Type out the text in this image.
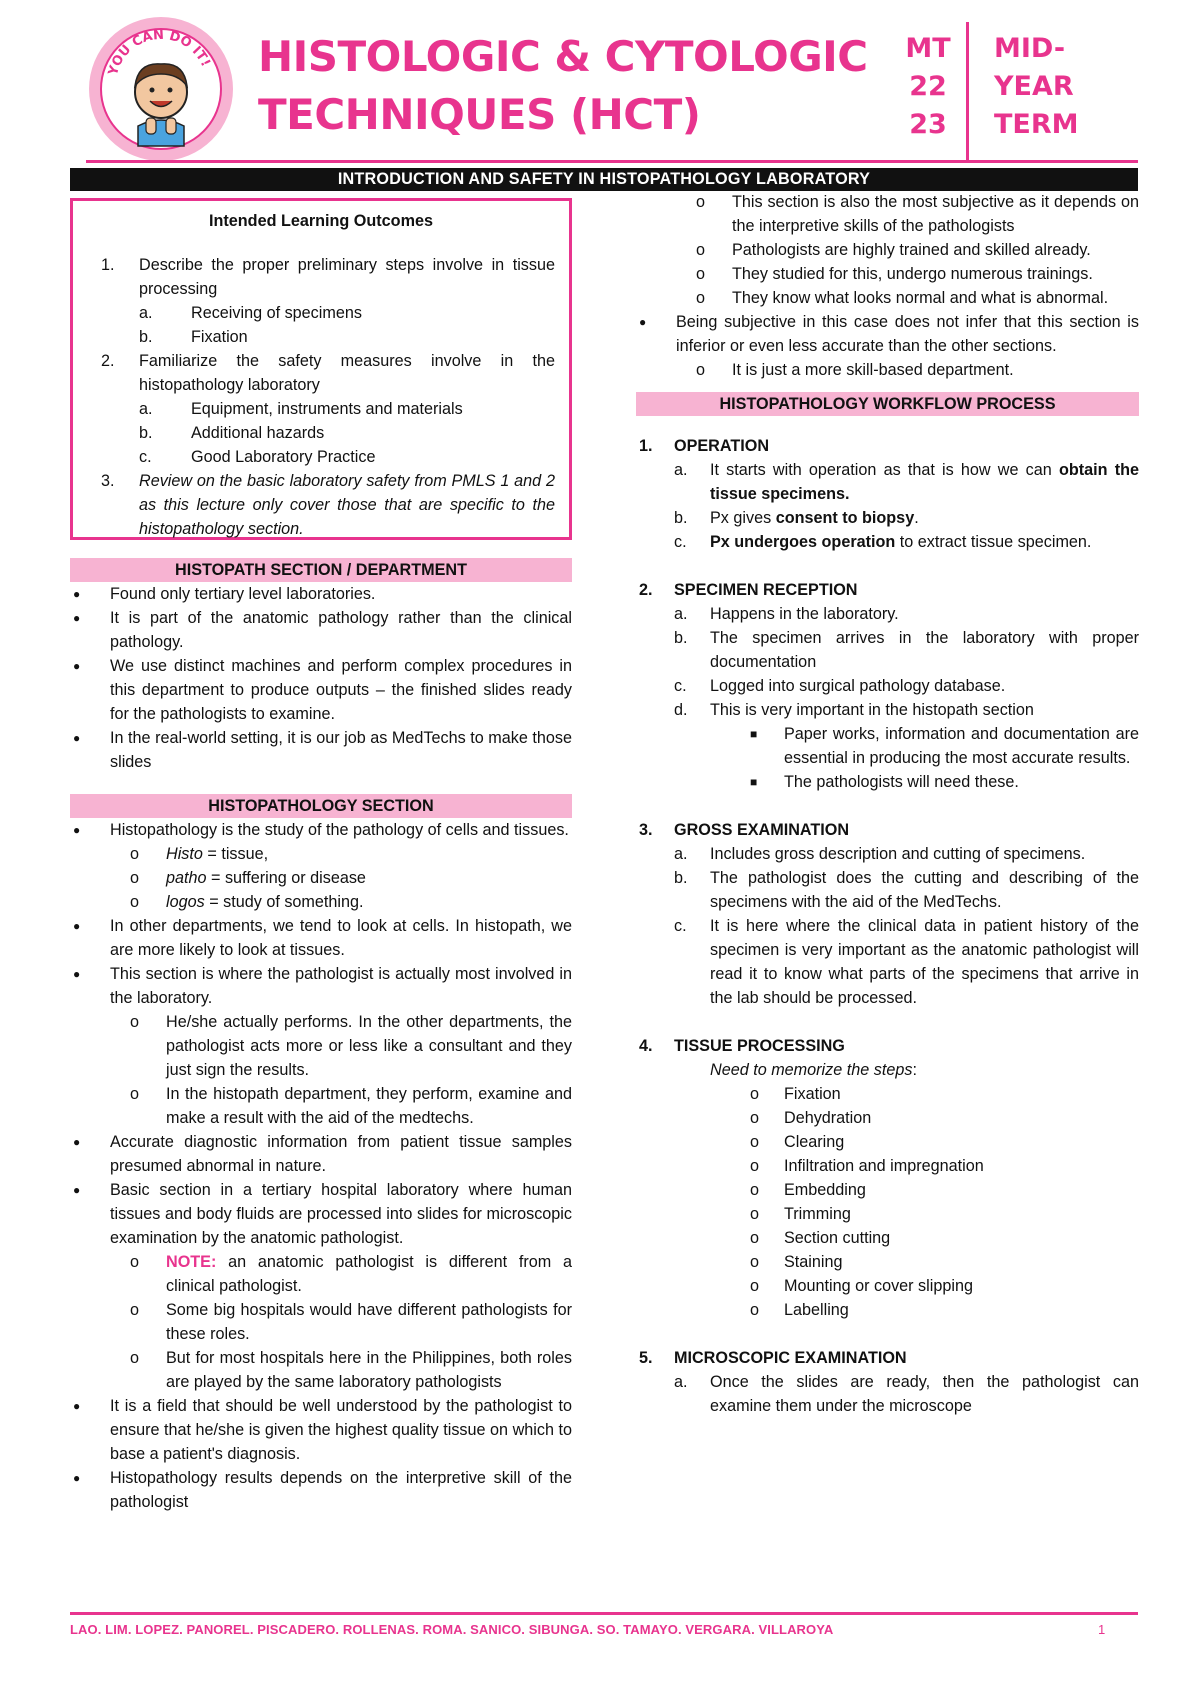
YOU CAN DO IT! HISTOLOGIC & CYTOLOGIC
TECHNIQUES (HCT)
MT
22
23
MID-
YEAR
TERM
INTRODUCTION AND SAFETY IN HISTOPATHOLOGY LABORATORY
Intended Learning Outcomes
1. Describe the proper preliminary steps involve in tissue processing
a. Receiving of specimens
b. Fixation
2. Familiarize the safety measures involve in the histopathology laboratory
a. Equipment, instruments and materials
b. Additional hazards
c. Good Laboratory Practice
3. Review on the basic laboratory safety from PMLS 1 and 2 as this lecture only cover those that are specific to the histopathology section.
HISTOPATH SECTION / DEPARTMENT
● Found only tertiary level laboratories.
● It is part of the anatomic pathology rather than the clinical pathology.
● We use distinct machines and perform complex procedures in this department to produce outputs – the finished slides ready for the pathologists to examine.
● In the real-world setting, it is our job as MedTechs to make those slides
HISTOPATHOLOGY SECTION
● Histopathology is the study of the pathology of cells and tissues.
o Histo = tissue,
o patho = suffering or disease
o logos = study of something.
● In other departments, we tend to look at cells. In histopath, we are more likely to look at tissues.
● This section is where the pathologist is actually most involved in the laboratory.
o He/she actually performs. In the other departments, the pathologist acts more or less like a consultant and they just sign the results.
o In the histopath department, they perform, examine and make a result with the aid of the medtechs.
● Accurate diagnostic information from patient tissue samples presumed abnormal in nature.
● Basic section in a tertiary hospital laboratory where human tissues and body fluids are processed into slides for microscopic examination by the anatomic pathologist.
o NOTE: an anatomic pathologist is different from a clinical pathologist.
o Some big hospitals would have different pathologists for these roles.
o But for most hospitals here in the Philippines, both roles are played by the same laboratory pathologists
● It is a field that should be well understood by the pathologist to ensure that he/she is given the highest quality tissue on which to base a patient's diagnosis.
● Histopathology results depends on the interpretive skill of the pathologist
o This section is also the most subjective as it depends on the interpretive skills of the pathologists
o Pathologists are highly trained and skilled already.
o They studied for this, undergo numerous trainings.
o They know what looks normal and what is abnormal.
● Being subjective in this case does not infer that this section is inferior or even less accurate than the other sections.
o It is just a more skill-based department.
HISTOPATHOLOGY WORKFLOW PROCESS
1. OPERATION
a. It starts with operation as that is how we can obtain the tissue specimens.
b. Px gives consent to biopsy.
c. Px undergoes operation to extract tissue specimen.
2. SPECIMEN RECEPTION
a. Happens in the laboratory.
b. The specimen arrives in the laboratory with proper documentation
c. Logged into surgical pathology database.
d. This is very important in the histopath section
■ Paper works, information and documentation are essential in producing the most accurate results.
■ The pathologists will need these.
3. GROSS EXAMINATION
a. Includes gross description and cutting of specimens.
b. The pathologist does the cutting and describing of the specimens with the aid of the MedTechs.
c. It is here where the clinical data in patient history of the specimen is very important as the anatomic pathologist will read it to know what parts of the specimens that arrive in the lab should be processed.
4. TISSUE PROCESSING
Need to memorize the steps:
o Fixation
o Dehydration
o Clearing
o Infiltration and impregnation
o Embedding
o Trimming
o Section cutting
o Staining
o Mounting or cover slipping
o Labelling
5. MICROSCOPIC EXAMINATION
a. Once the slides are ready, then the pathologist can examine them under the microscope
LAO. LIM. LOPEZ. PANOREL. PISCADERO. ROLLENAS. ROMA. SANICO. SIBUNGA. SO. TAMAYO. VERGARA. VILLAROYA	1
